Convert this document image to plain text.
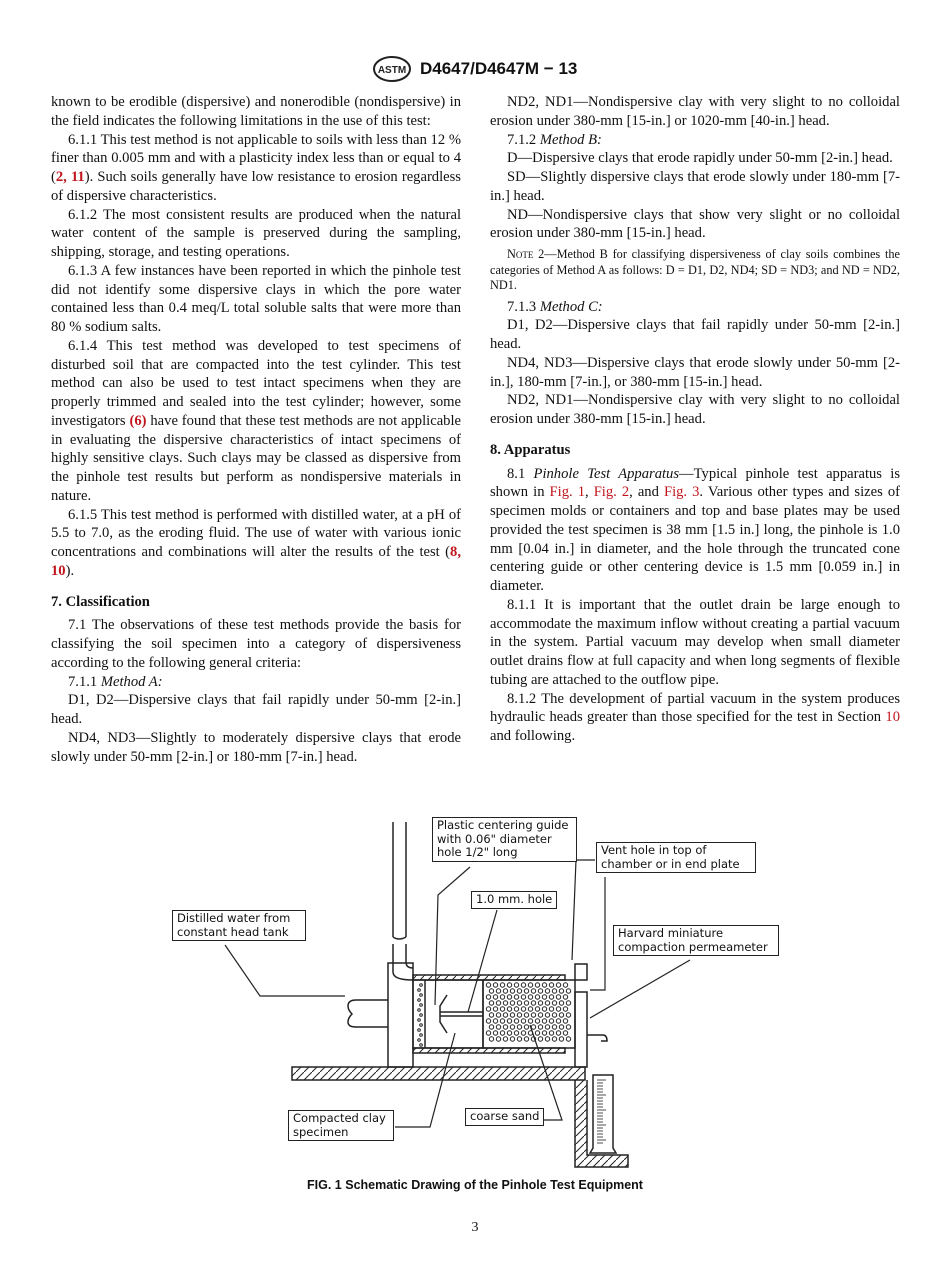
ASTM D4647/D4647M − 13

known to be erodible (dispersive) and nonerodible (nondispersive) in the field indicates the following limitations in the use of this test:

6.1.1 This test method is not applicable to soils with less than 12 % finer than 0.005 mm and with a plasticity index less than or equal to 4 (2, 11). Such soils generally have low resistance to erosion regardless of dispersive characteristics.

6.1.2 The most consistent results are produced when the natural water content of the sample is preserved during the sampling, shipping, storage, and testing operations.

6.1.3 A few instances have been reported in which the pinhole test did not identify some dispersive clays in which the pore water contained less than 0.4 meq/L total soluble salts that were more than 80 % sodium salts.

6.1.4 This test method was developed to test specimens of disturbed soil that are compacted into the test cylinder. This test method can also be used to test intact specimens when they are properly trimmed and sealed into the test cylinder; however, some investigators (6) have found that these test methods are not applicable in evaluating the dispersive characteristics of intact specimens of highly sensitive clays. Such clays may be classed as dispersive from the pinhole test results but perform as nondispersive materials in nature.

6.1.5 This test method is performed with distilled water, at a pH of 5.5 to 7.0, as the eroding fluid. The use of water with various ionic concentrations and combinations will alter the results of the test (8, 10).

7. Classification

7.1 The observations of these test methods provide the basis for classifying the soil specimen into a category of dispersiveness according to the following general criteria:

7.1.1 Method A:

D1, D2—Dispersive clays that fail rapidly under 50-mm [2-in.] head.

ND4, ND3—Slightly to moderately dispersive clays that erode slowly under 50-mm [2-in.] or 180-mm [7-in.] head.

ND2, ND1—Nondispersive clay with very slight to no colloidal erosion under 380-mm [15-in.] or 1020-mm [40-in.] head.

7.1.2 Method B:

D—Dispersive clays that erode rapidly under 50-mm [2-in.] head.

SD—Slightly dispersive clays that erode slowly under 180-mm [7-in.] head.

ND—Nondispersive clays that show very slight or no colloidal erosion under 380-mm [15-in.] head.

Note 2—Method B for classifying dispersiveness of clay soils combines the categories of Method A as follows: D = D1, D2, ND4; SD = ND3; and ND = ND2, ND1.

7.1.3 Method C:

D1, D2—Dispersive clays that fail rapidly under 50-mm [2-in.] head.

ND4, ND3—Dispersive clays that erode slowly under 50-mm [2-in.], 180-mm [7-in.], or 380-mm [15-in.] head.

ND2, ND1—Nondispersive clay with very slight to no colloidal erosion under 380-mm [15-in.] head.

8. Apparatus

8.1 Pinhole Test Apparatus—Typical pinhole test apparatus is shown in Fig. 1, Fig. 2, and Fig. 3. Various other types and sizes of specimen molds or containers and top and base plates may be used provided the test specimen is 38 mm [1.5 in.] long, the pinhole is 1.0 mm [0.04 in.] in diameter, and the hole through the truncated cone centering guide or other centering device is 1.5 mm [0.059 in.] in diameter.

8.1.1 It is important that the outlet drain be large enough to accommodate the maximum inflow without creating a partial vacuum in the system. Partial vacuum may develop when small diameter outlet drains flow at full capacity and when long segments of flexible tubing are attached to the outflow pipe.

8.1.2 The development of partial vacuum in the system produces hydraulic heads greater than those specified for the test in Section 10 and following.

Plastic centering guide with 0.06" diameter hole 1/2" long	Vent hole in top of chamber or in end plate
1.0 mm. hole
Distilled water from constant head tank	Harvard miniature compaction permeameter
Compacted clay specimen
coarse sand
FIG. 1 Schematic Drawing of the Pinhole Test Equipment
3
